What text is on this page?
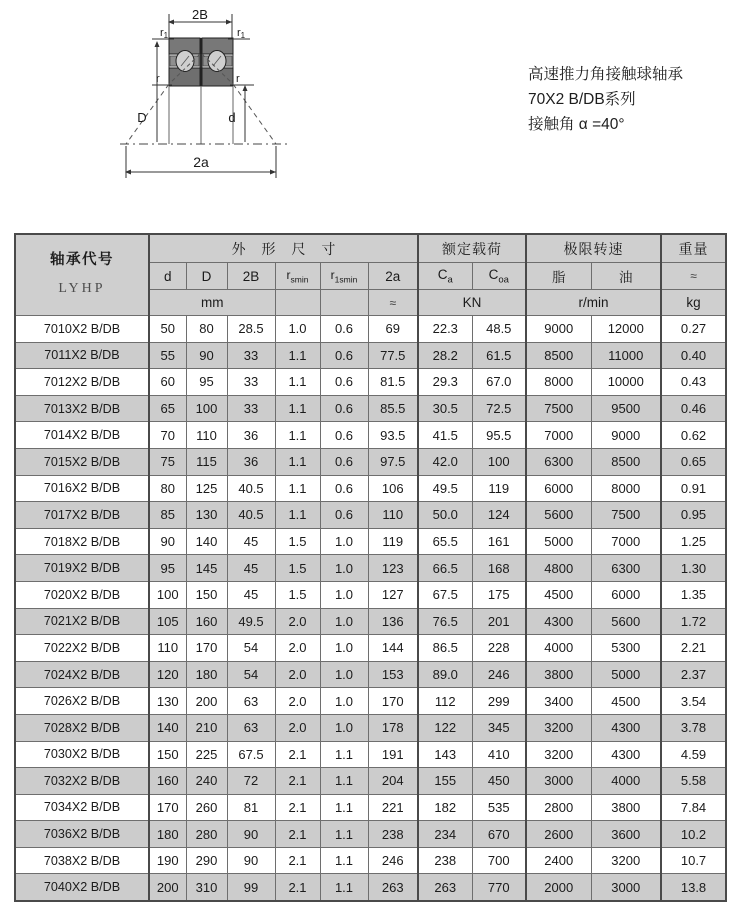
2B
r1	r1
r	r
D	d
2a
高速推力角接触球轴承
70X2 B/DB系列
接触角 α =40°
轴承代号
LYHP	外 形 尺 寸						额定载荷		极限转速		重量
	d	D	2B	$r_{smin}$	$r_{1smin}$	2a	$C_a$	$C_{oa}$	脂	油	≈
	mm					≈	KN		r/min		kg
7010X2 B/DB	50	80	28.5	1.0	0.6	69	22.3	48.5	9000	12000	0.27
7011X2 B/DB	55	90	33	1.1	0.6	77.5	28.2	61.5	8500	11000	0.40
7012X2 B/DB	60	95	33	1.1	0.6	81.5	29.3	67.0	8000	10000	0.43
7013X2 B/DB	65	100	33	1.1	0.6	85.5	30.5	72.5	7500	9500	0.46
7014X2 B/DB	70	110	36	1.1	0.6	93.5	41.5	95.5	7000	9000	0.62
7015X2 B/DB	75	115	36	1.1	0.6	97.5	42.0	100	6300	8500	0.65
7016X2 B/DB	80	125	40.5	1.1	0.6	106	49.5	119	6000	8000	0.91
7017X2 B/DB	85	130	40.5	1.1	0.6	110	50.0	124	5600	7500	0.95
7018X2 B/DB	90	140	45	1.5	1.0	119	65.5	161	5000	7000	1.25
7019X2 B/DB	95	145	45	1.5	1.0	123	66.5	168	4800	6300	1.30
7020X2 B/DB	100	150	45	1.5	1.0	127	67.5	175	4500	6000	1.35
7021X2 B/DB	105	160	49.5	2.0	1.0	136	76.5	201	4300	5600	1.72
7022X2 B/DB	110	170	54	2.0	1.0	144	86.5	228	4000	5300	2.21
7024X2 B/DB	120	180	54	2.0	1.0	153	89.0	246	3800	5000	2.37
7026X2 B/DB	130	200	63	2.0	1.0	170	112	299	3400	4500	3.54
7028X2 B/DB	140	210	63	2.0	1.0	178	122	345	3200	4300	3.78
7030X2 B/DB	150	225	67.5	2.1	1.1	191	143	410	3200	4300	4.59
7032X2 B/DB	160	240	72	2.1	1.1	204	155	450	3000	4000	5.58
7034X2 B/DB	170	260	81	2.1	1.1	221	182	535	2800	3800	7.84
7036X2 B/DB	180	280	90	2.1	1.1	238	234	670	2600	3600	10.2
7038X2 B/DB	190	290	90	2.1	1.1	246	238	700	2400	3200	10.7
7040X2 B/DB	200	310	99	2.1	1.1	263	263	770	2000	3000	13.8
